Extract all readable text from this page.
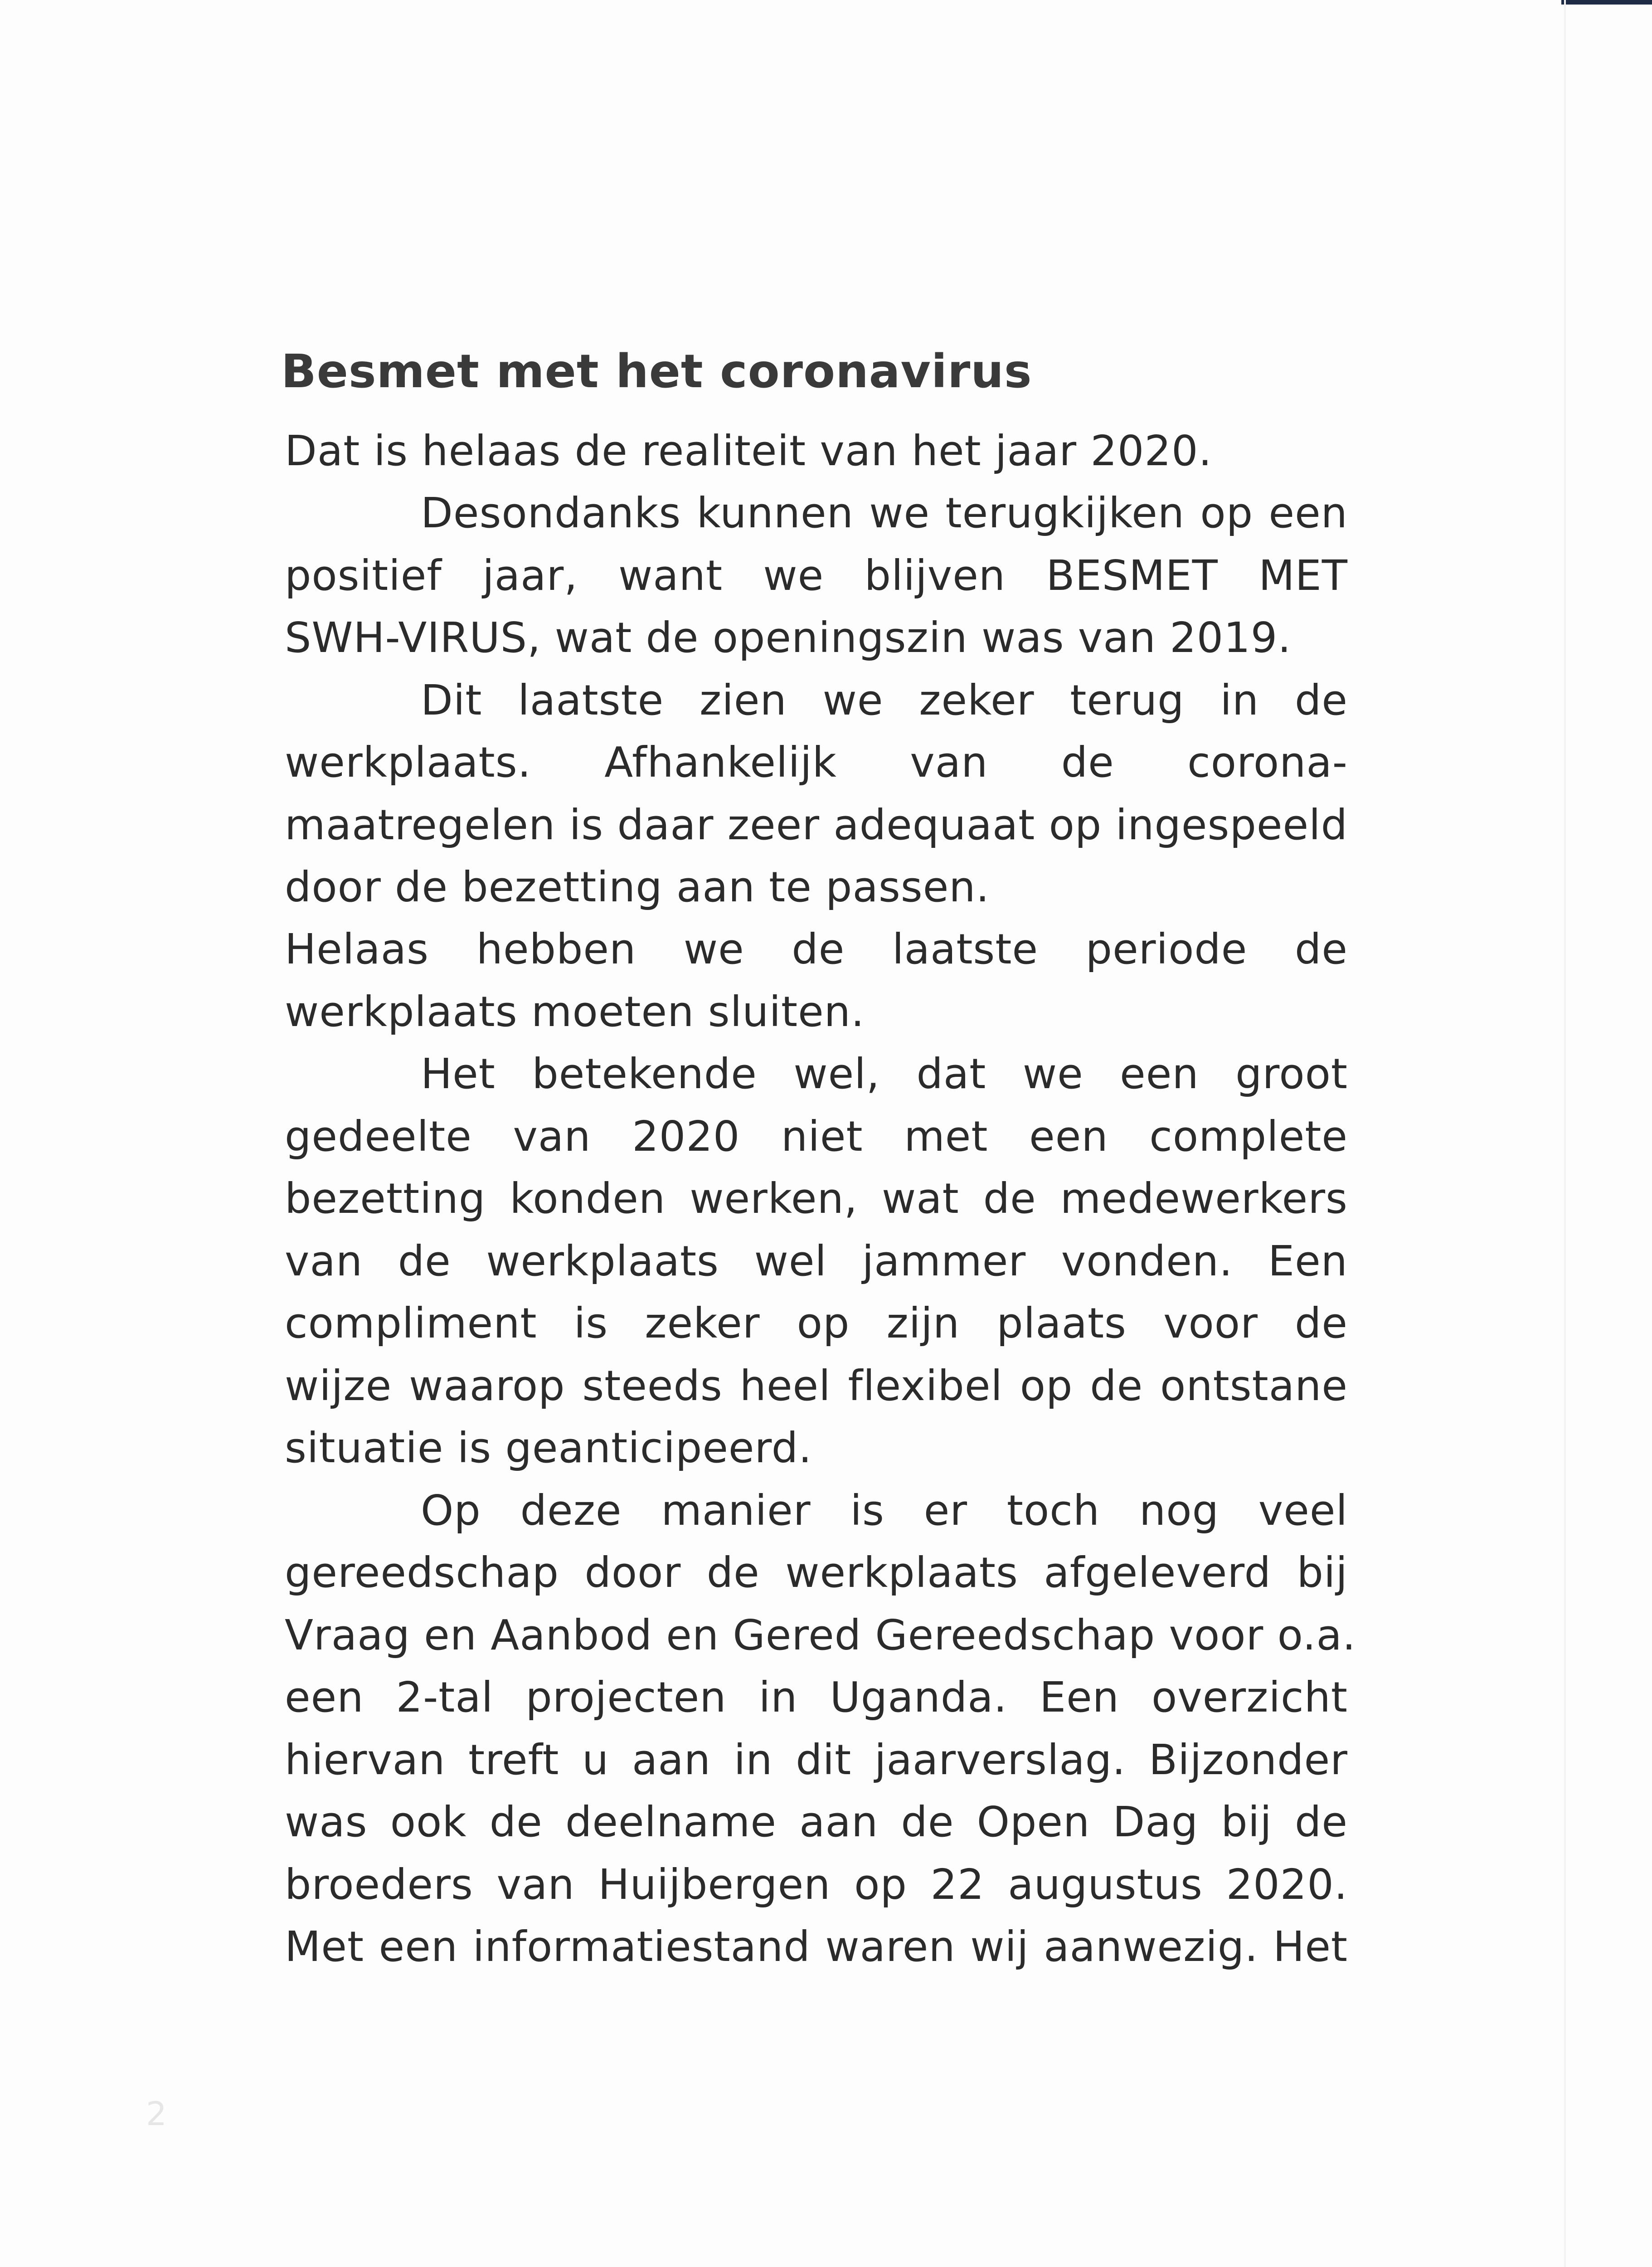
Besmet met het coronavirus
Dat is helaas de realiteit van het jaar 2020.
Desondanks kunnen we terugkijken op een
positief jaar, want we blijven BESMET MET
SWH-VIRUS, wat de openingszin was van 2019.
Dit laatste zien we zeker terug in de
werkplaats. Afhankelijk van de corona-
maatregelen is daar zeer adequaat op ingespeeld
door de bezetting aan te passen.
Helaas hebben we de laatste periode de
werkplaats moeten sluiten.
Het betekende wel, dat we een groot
gedeelte van 2020 niet met een complete
bezetting konden werken, wat de medewerkers
van de werkplaats wel jammer vonden. Een
compliment is zeker op zijn plaats voor de
wijze waarop steeds heel flexibel op de ontstane
situatie is geanticipeerd.
Op deze manier is er toch nog veel
gereedschap door de werkplaats afgeleverd bij
Vraag en Aanbod en Gered Gereedschap voor o.a.
een 2-tal projecten in Uganda. Een overzicht
hiervan treft u aan in dit jaarverslag. Bijzonder
was ook de deelname aan de Open Dag bij de
broeders van Huijbergen op 22 augustus 2020.
Met een informatiestand waren wij aanwezig. Het
2
